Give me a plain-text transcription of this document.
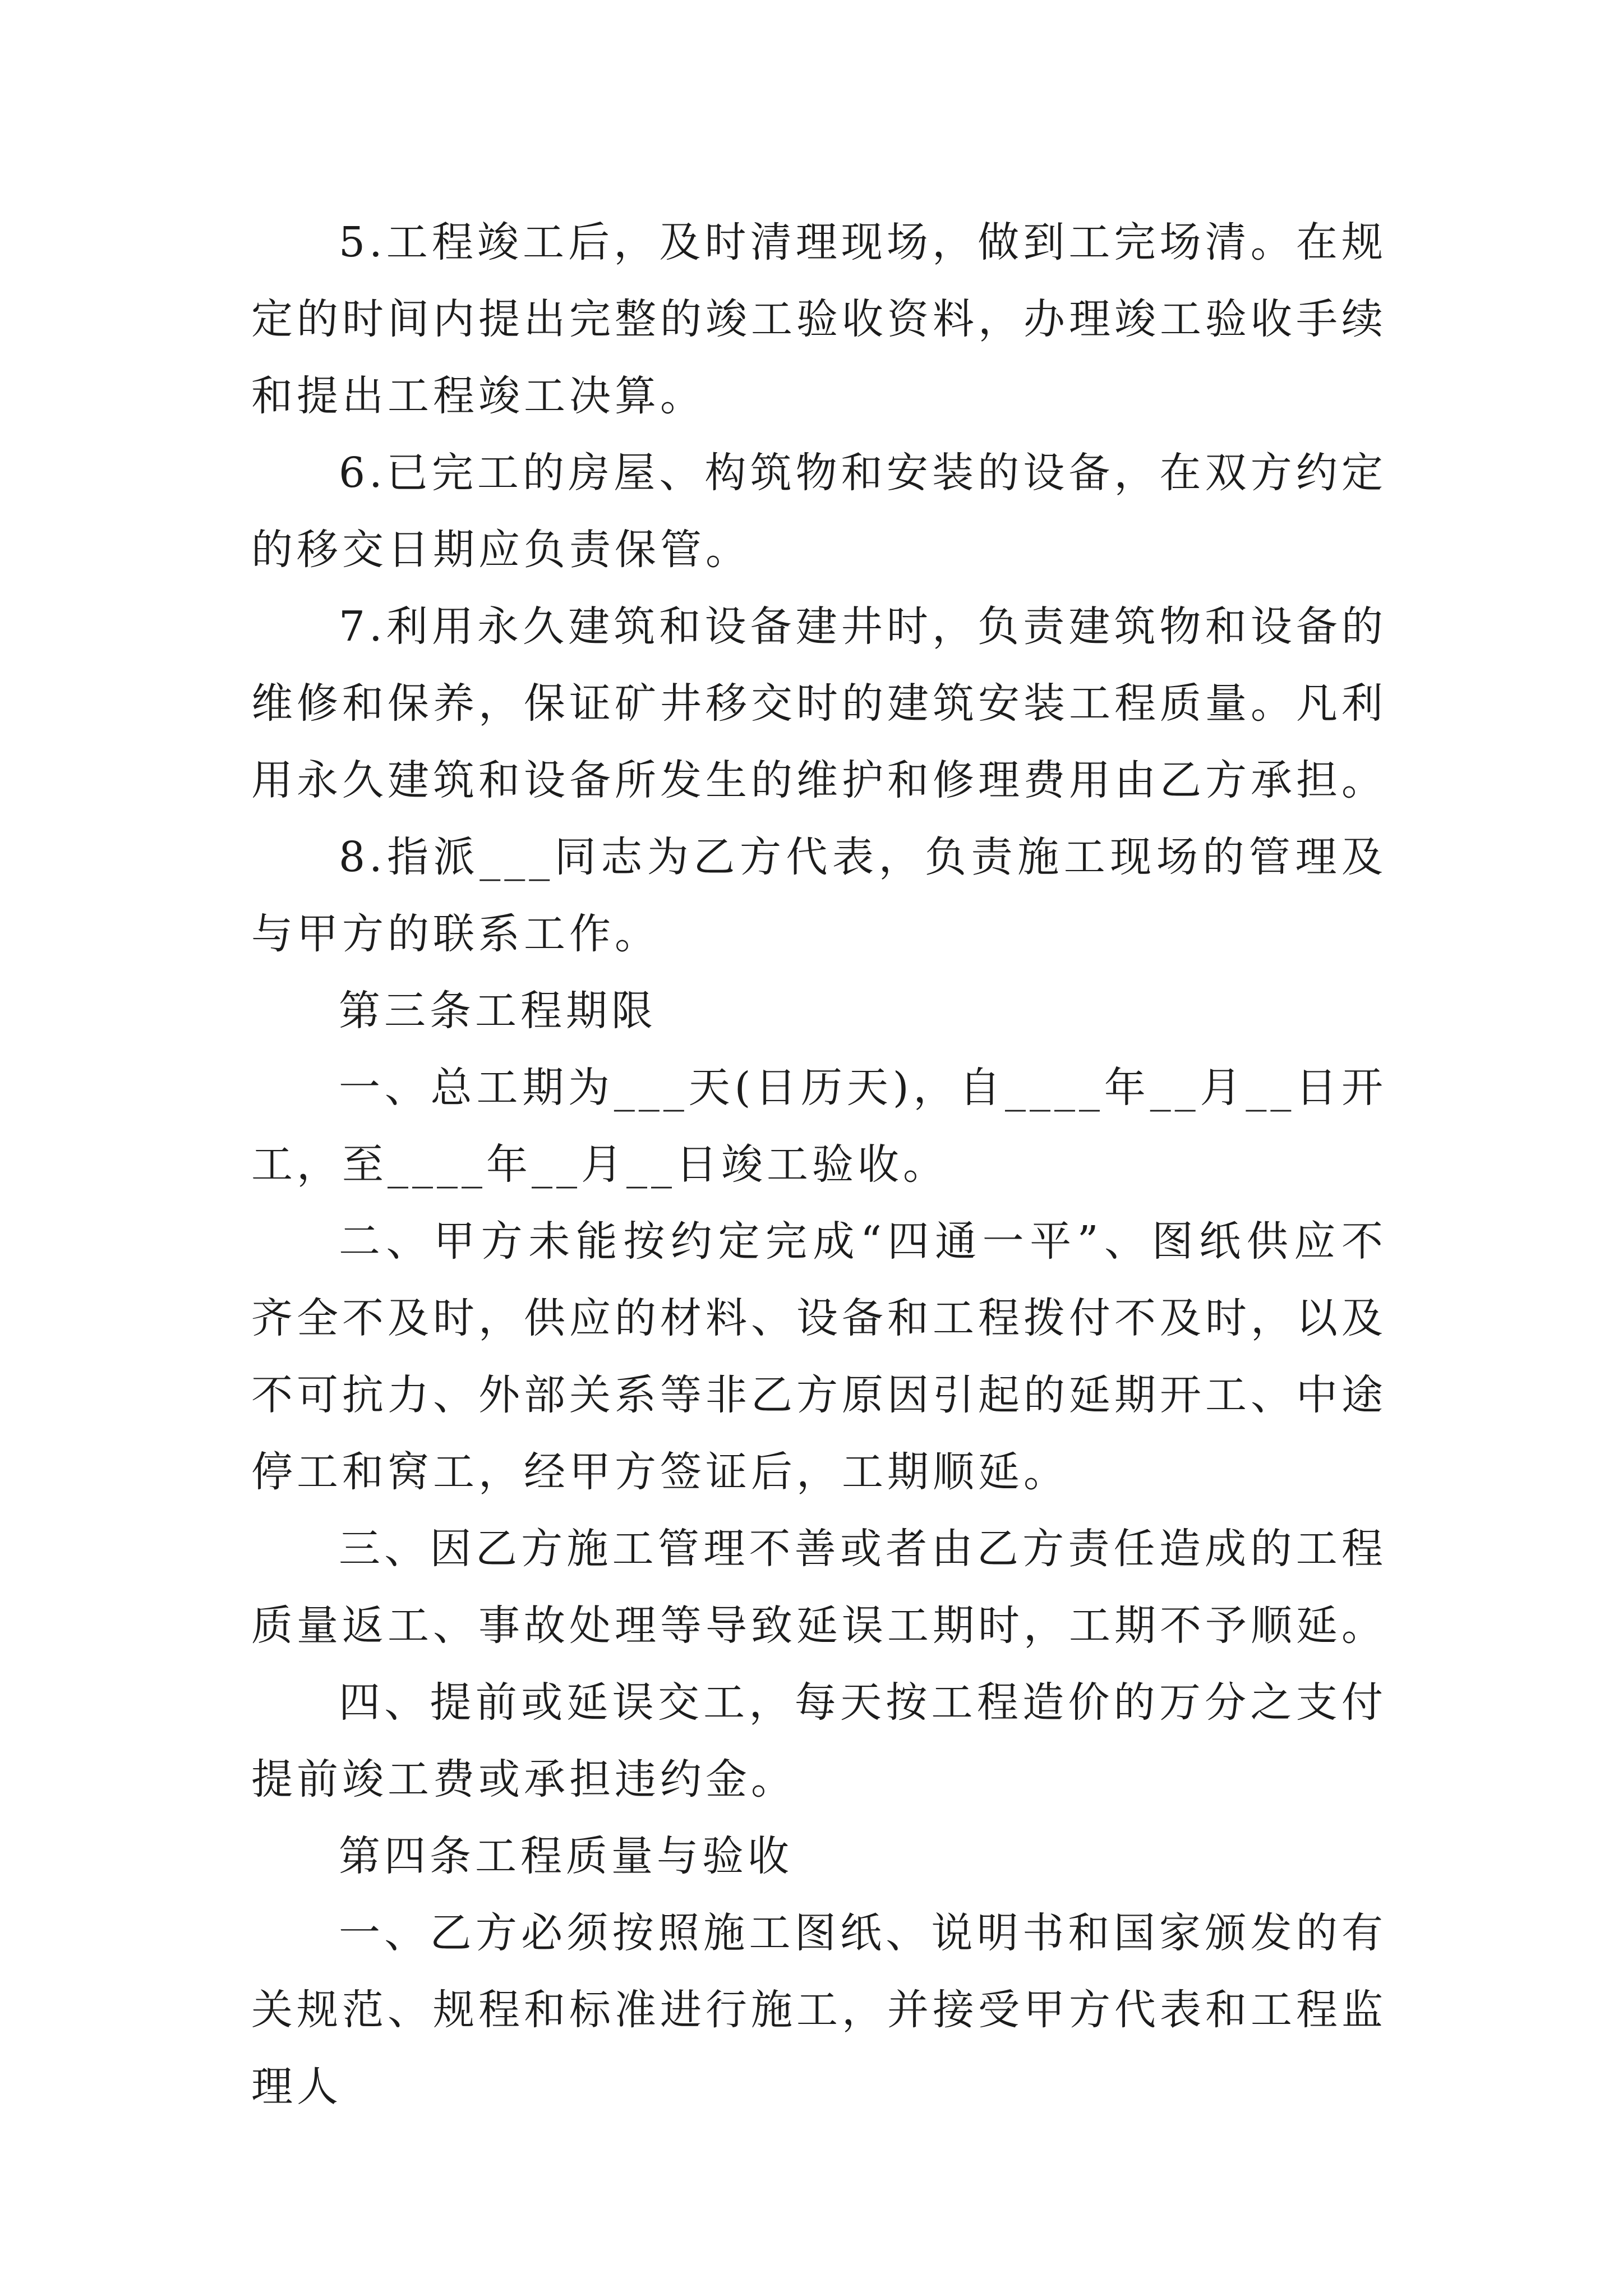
5.工程竣工后，及时清理现场，做到工完场清。在规定的时间内提出完整的竣工验收资料，办理竣工验收手续和提出工程竣工决算。

6.已完工的房屋、构筑物和安装的设备，在双方约定的移交日期应负责保管。

7.利用永久建筑和设备建井时，负责建筑物和设备的维修和保养，保证矿井移交时的建筑安装工程质量。凡利用永久建筑和设备所发生的维护和修理费用由乙方承担。

8.指派___同志为乙方代表，负责施工现场的管理及与甲方的联系工作。

第三条工程期限

一、总工期为___天(日历天)，自____年__月__日开工，至____年__月__日竣工验收。

二、甲方未能按约定完成“四通一平”、图纸供应不齐全不及时，供应的材料、设备和工程拨付不及时，以及不可抗力、外部关系等非乙方原因引起的延期开工、中途停工和窝工，经甲方签证后，工期顺延。

三、因乙方施工管理不善或者由乙方责任造成的工程质量返工、事故处理等导致延误工期时，工期不予顺延。

四、提前或延误交工，每天按工程造价的万分之支付提前竣工费或承担违约金。

第四条工程质量与验收

一、乙方必须按照施工图纸、说明书和国家颁发的有关规范、规程和标准进行施工，并接受甲方代表和工程监理人
